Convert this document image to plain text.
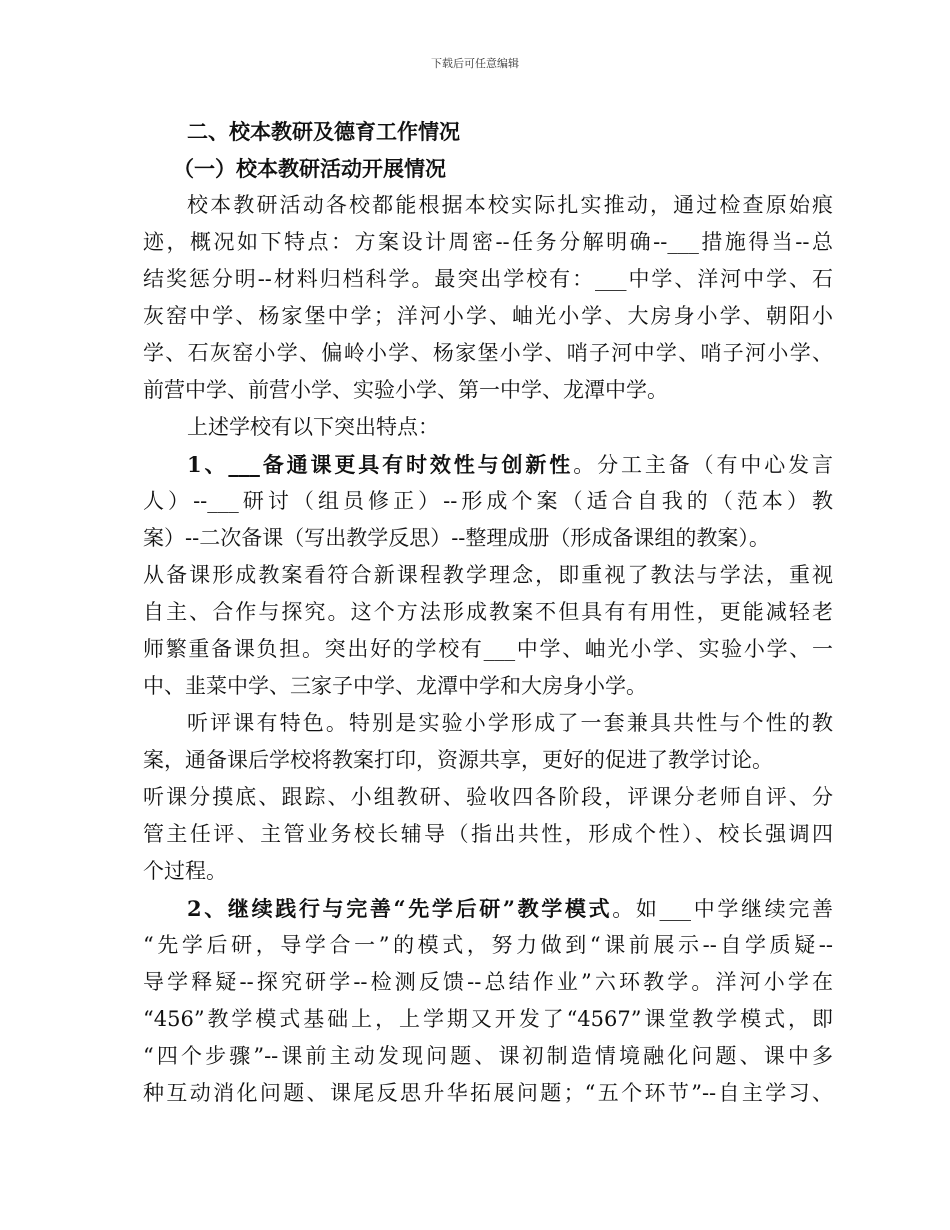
下载后可任意编辑
二、校本教研及德育工作情况
（一）校本教研活动开展情况
校本教研活动各校都能根据本校实际扎实推动，通过检查原始痕
迹，概况如下特点：方案设计周密--任务分解明确--___措施得当--总
结奖惩分明--材料归档科学。最突出学校有：___中学、洋河中学、石
灰窑中学、杨家堡中学；洋河小学、岫光小学、大房身小学、朝阳小
学、石灰窑小学、偏岭小学、杨家堡小学、哨子河中学、哨子河小学、
前营中学、前营小学、实验小学、第一中学、龙潭中学。
上述学校有以下突出特点：
1、___备通课更具有时效性与创新性。分工主备（有中心发言
人）--___研讨（组员修正）--形成个案（适合自我的（范本）教
案）--二次备课（写出教学反思）--整理成册（形成备课组的教案）。
从备课形成教案看符合新课程教学理念，即重视了教法与学法，重视
自主、合作与探究。这个方法形成教案不但具有有用性，更能减轻老
师繁重备课负担。突出好的学校有___中学、岫光小学、实验小学、一
中、韭菜中学、三家子中学、龙潭中学和大房身小学。
听评课有特色。特别是实验小学形成了一套兼具共性与个性的教
案，通备课后学校将教案打印，资源共享，更好的促进了教学讨论。
听课分摸底、跟踪、小组教研、验收四各阶段，评课分老师自评、分
管主任评、主管业务校长辅导（指出共性，形成个性）、校长强调四
个过程。
2、继续践行与完善“先学后研”教学模式。如___中学继续完善
“先学后研，导学合一”的模式，努力做到“课前展示--自学质疑--
导学释疑--探究研学--检测反馈--总结作业”六环教学。洋河小学在
“456”教学模式基础上，上学期又开发了“4567”课堂教学模式，即
“四个步骤”--课前主动发现问题、课初制造情境融化问题、课中多
种互动消化问题、课尾反思升华拓展问题；“五个环节”--自主学习、
